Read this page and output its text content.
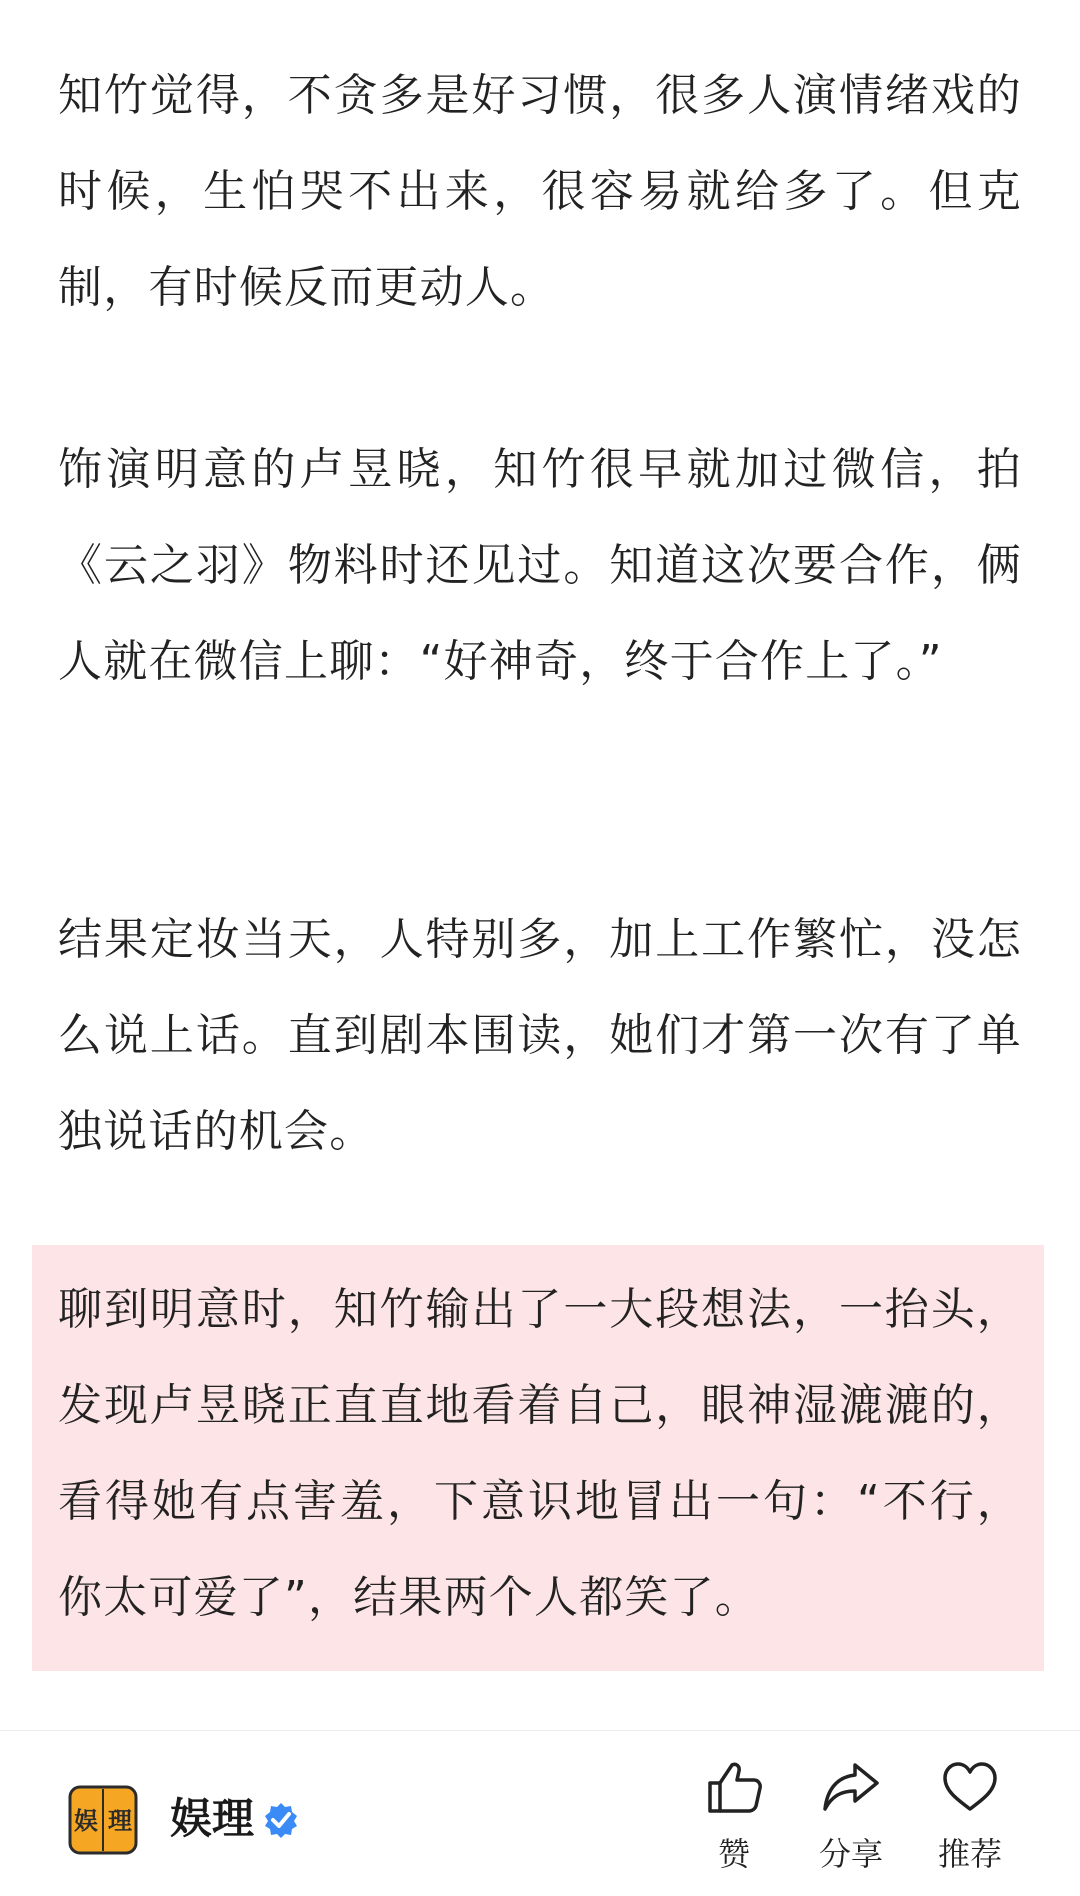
知竹觉得，不贪多是好习惯，很多人演情绪戏的时候，生怕哭不出来，很容易就给多了。但克制，有时候反而更动人。

饰演明意的卢昱晓，知竹很早就加过微信，拍《云之羽》物料时还见过。知道这次要合作，俩人就在微信上聊：“好神奇，终于合作上了。”

结果定妆当天，人特别多，加上工作繁忙，没怎么说上话。直到剧本围读，她们才第一次有了单独说话的机会。

聊到明意时，知竹输出了一大段想法，一抬头，发现卢昱晓正直直地看着自己，眼神湿漉漉的，看得她有点害羞，下意识地冒出一句：“不行，你太可爱了”，结果两个人都笑了。

娱 理 娱理
赞	分享	推荐
